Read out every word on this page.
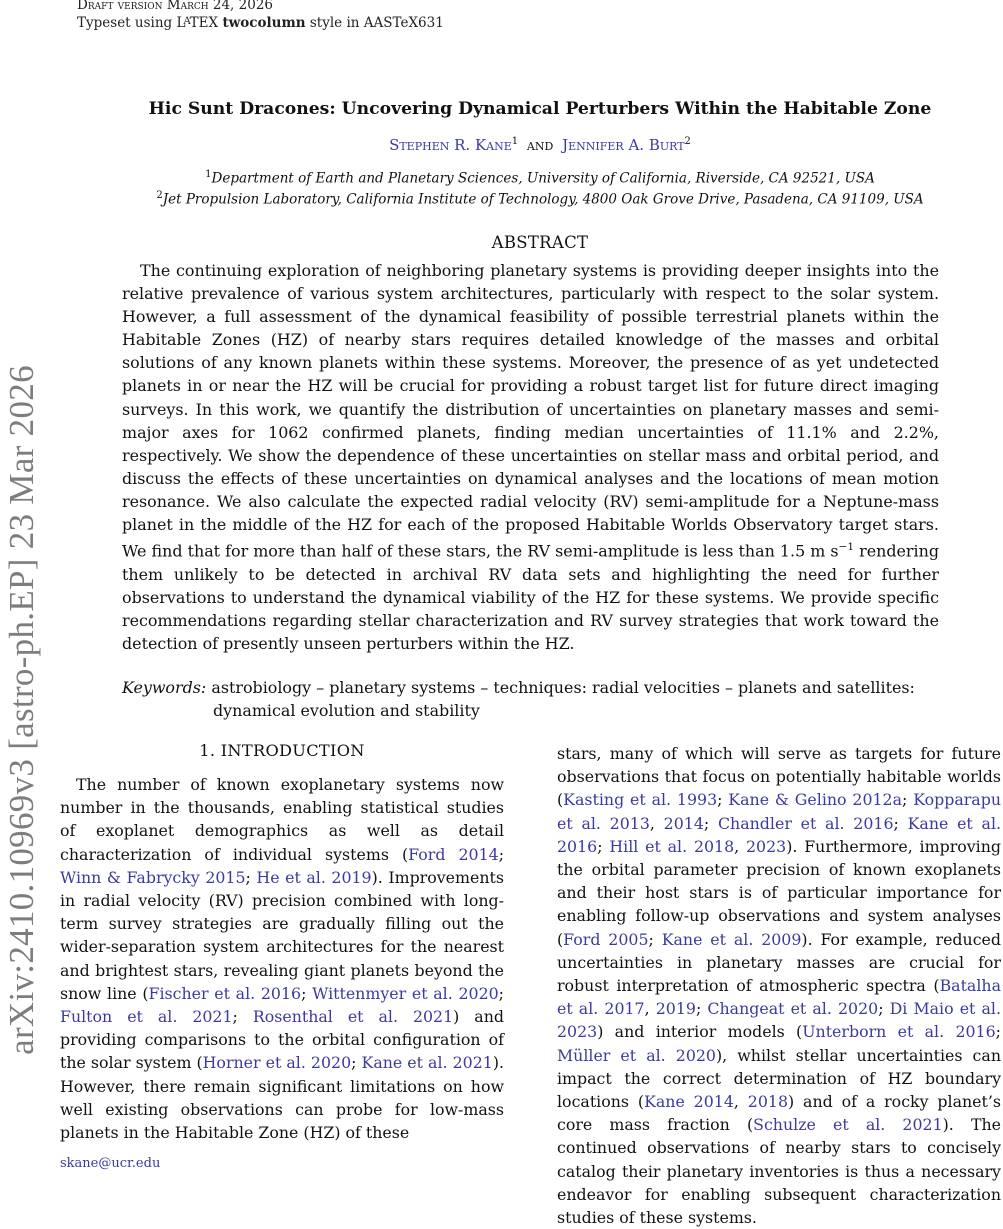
Draft version March 24, 2026
Typeset using $L^ATEX$ twocolumn style in AASTeX631
arXiv:2410.10969v3 [astro-ph.EP] 23 Mar 2026
Hic Sunt Dracones: Uncovering Dynamical Perturbers Within the Habitable Zone
Stephen R. Kane$^1$ and Jennifer A. Burt$^2$
$^1$Department of Earth and Planetary Sciences, University of California, Riverside, CA 92521, USA
$^2$Jet Propulsion Laboratory, California Institute of Technology, 4800 Oak Grove Drive, Pasadena, CA 91109, USA
ABSTRACT
The continuing exploration of neighboring planetary systems is providing deeper insights into the relative prevalence of various system architectures, particularly with respect to the solar system. However, a full assessment of the dynamical feasibility of possible terrestrial planets within the Habitable Zones (HZ) of nearby stars requires detailed knowledge of the masses and orbital solutions of any known planets within these systems. Moreover, the presence of as yet undetected planets in or near the HZ will be crucial for providing a robust target list for future direct imaging surveys. In this work, we quantify the distribution of uncertainties on planetary masses and semi-major axes for 1062 confirmed planets, finding median uncertainties of 11.1% and 2.2%, respectively. We show the dependence of these uncertainties on stellar mass and orbital period, and discuss the effects of these uncertainties on dynamical analyses and the locations of mean motion resonance. We also calculate the expected radial velocity (RV) semi-amplitude for a Neptune-mass planet in the middle of the HZ for each of the proposed Habitable Worlds Observatory target stars. We find that for more than half of these stars, the RV semi-amplitude is less than 1.5 m $s^{-1}$ rendering them unlikely to be detected in archival RV data sets and highlighting the need for further observations to understand the dynamical viability of the HZ for these systems. We provide specific recommendations regarding stellar characterization and RV survey strategies that work toward the detection of presently unseen perturbers within the HZ.
Keywords: astrobiology – planetary systems – techniques: radial velocities – planets and satellites: dynamical evolution and stability
1. INTRODUCTION

The number of known exoplanetary systems now number in the thousands, enabling statistical studies of exoplanet demographics as well as detail characterization of individual systems (Ford 2014; Winn & Fabrycky 2015; He et al. 2019). Improvements in radial velocity (RV) precision combined with long-term survey strategies are gradually filling out the wider-separation system architectures for the nearest and brightest stars, revealing giant planets beyond the snow line (Fischer et al. 2016; Wittenmyer et al. 2020; Fulton et al. 2021; Rosenthal et al. 2021) and providing comparisons to the orbital configuration of the solar system (Horner et al. 2020; Kane et al. 2021). However, there remain significant limitations on how well existing observations can probe for low-mass planets in the Habitable Zone (HZ) of these

stars, many of which will serve as targets for future observations that focus on potentially habitable worlds (Kasting et al. 1993; Kane & Gelino 2012a; Kopparapu et al. 2013, 2014; Chandler et al. 2016; Kane et al. 2016; Hill et al. 2018, 2023). Furthermore, improving the orbital parameter precision of known exoplanets and their host stars is of particular importance for enabling follow-up observations and system analyses (Ford 2005; Kane et al. 2009). For example, reduced uncertainties in planetary masses are crucial for robust interpretation of atmospheric spectra (Batalha et al. 2017, 2019; Changeat et al. 2020; Di Maio et al. 2023) and interior models (Unterborn et al. 2016; Müller et al. 2020), whilst stellar uncertainties can impact the correct determination of HZ boundary locations (Kane 2014, 2018) and of a rocky planet’s core mass fraction (Schulze et al. 2021). The continued observations of nearby stars to concisely catalog their planetary inventories is thus a necessary endeavor for enabling subsequent characterization studies of these systems.

skane@ucr.edu
